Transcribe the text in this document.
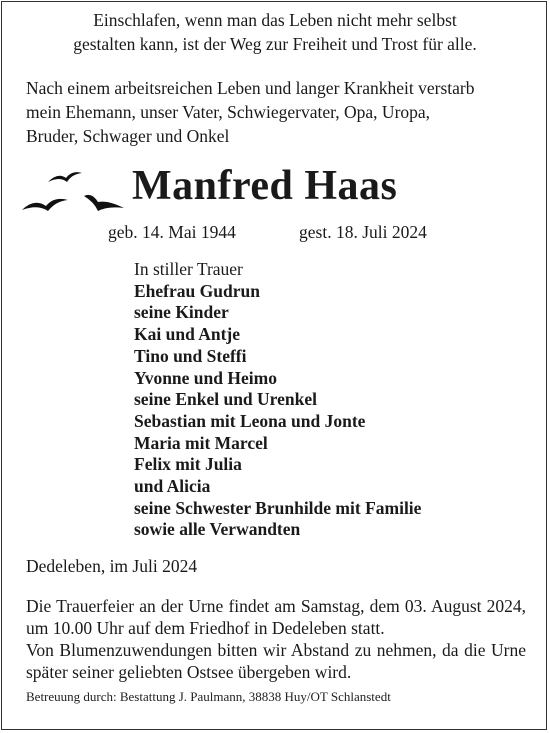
Einschlafen, wenn man das Leben nicht mehr selbst
gestalten kann, ist der Weg zur Freiheit und Trost für alle.
Nach einem arbeitsreichen Leben und langer Krankheit verstarb
mein Ehemann, unser Vater, Schwiegervater, Opa, Uropa,
Bruder, Schwager und Onkel
Manfred Haas
geb. 14. Mai 1944	gest. 18. Juli 2024
In stiller Trauer
Ehefrau Gudrun
seine Kinder
Kai und Antje
Tino und Steffi
Yvonne und Heimo
seine Enkel und Urenkel
Sebastian mit Leona und Jonte
Maria mit Marcel
Felix mit Julia
und Alicia
seine Schwester Brunhilde mit Familie
sowie alle Verwandten
Dedeleben, im Juli 2024

Die Trauerfeier an der Urne findet am Samstag, dem 03. August 2024, um 10.00 Uhr auf dem Friedhof in Dedeleben statt.

Von Blumenzuwendungen bitten wir Abstand zu nehmen, da die Urne später seiner geliebten Ostsee übergeben wird.

Betreuung durch: Bestattung J. Paulmann, 38838 Huy/OT Schlanstedt
